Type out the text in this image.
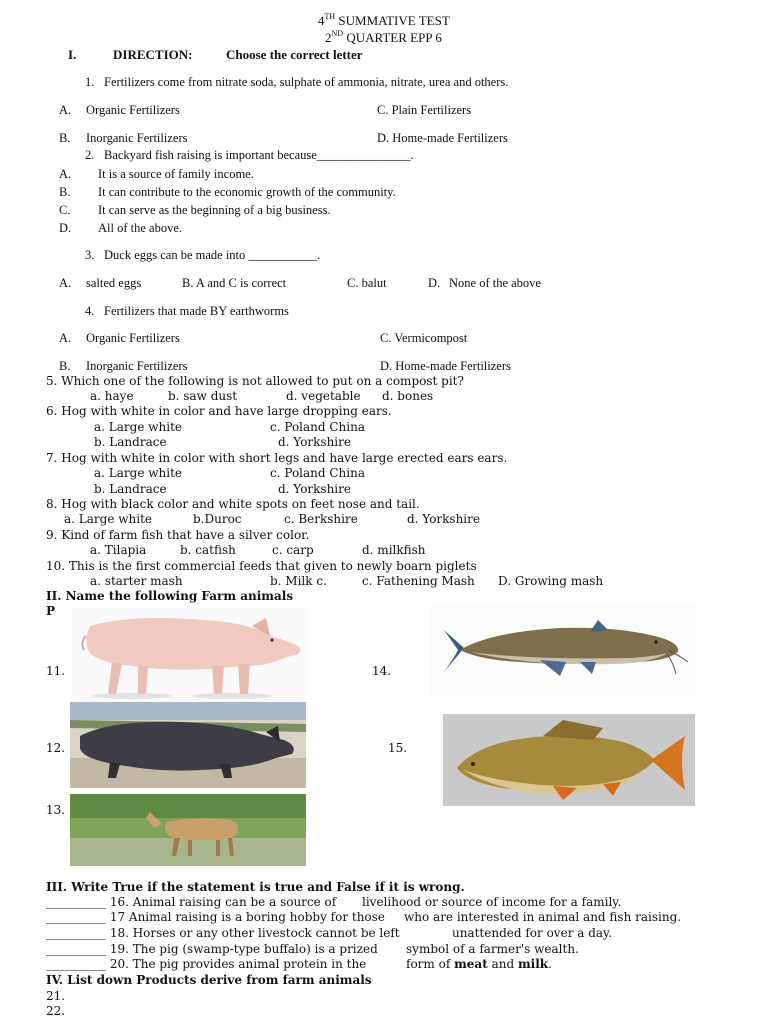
4TH SUMMATIVE TEST
2ND QUARTER EPP 6
I.	DIRECTION:	Choose the correct letter
1. Fertilizers come from nitrate soda, sulphate of ammonia, nitrate, urea and others.
A. Organic Fertilizers	C. Plain Fertilizers
B. Inorganic Fertilizers	D. Home-made Fertilizers
2. Backyard fish raising is important because_______________.
A. It is a source of family income.
B. It can contribute to the economic growth of the community.
C. It can serve as the beginning of a big business.
D. All of the above.
3. Duck eggs can be made into ___________.
A. salted eggs	B. A and C is correct	C. balut	D. None of the above
4. Fertilizers that made BY earthworms
A. Organic Fertilizers	C. Vermicompost
B. Inorganic Fertilizers	D. Home-made Fertilizers
5. Which one of the following is not allowed to put on a compost pit?
a. haye	b. saw dust	d. vegetable d. bones
6. Hog with white in color and have large dropping ears.
a. Large white	c. Poland China
b. Landrace	d. Yorkshire
7. Hog with white in color with short legs and have large erected ears ears.
a. Large white	c. Poland China
b. Landrace	d. Yorkshire
8. Hog with black color and white spots on feet nose and tail.
a. Large white	b.Duroc	c. Berkshire	d. Yorkshire
9. Kind of farm fish that have a silver color.
a. Tilapia	b. catfish	c. carp	d. milkfish
10. This is the first commercial feeds that given to newly boarn piglets
a. starter mash	b. Milk c.	c. Fathening Mash D. Growing mash
II. Name the following Farm animals
P
11.
12.
13.
14.
15.
III. Write True if the statement is true and False if it is wrong.
__________ 16. Animal raising can be a source of livelihood or source of income for a family.
__________ 17 Animal raising is a boring hobby for those who are interested in animal and fish raising.
__________ 18. Horses or any other livestock cannot be left	unattended for over a day.
__________ 19. The pig (swamp-type buffalo) is a prized symbol of a farmer's wealth.
__________ 20. The pig provides animal protein in the	form of meat and milk.
IV. List down Products derive from farm animals
21.
22.
